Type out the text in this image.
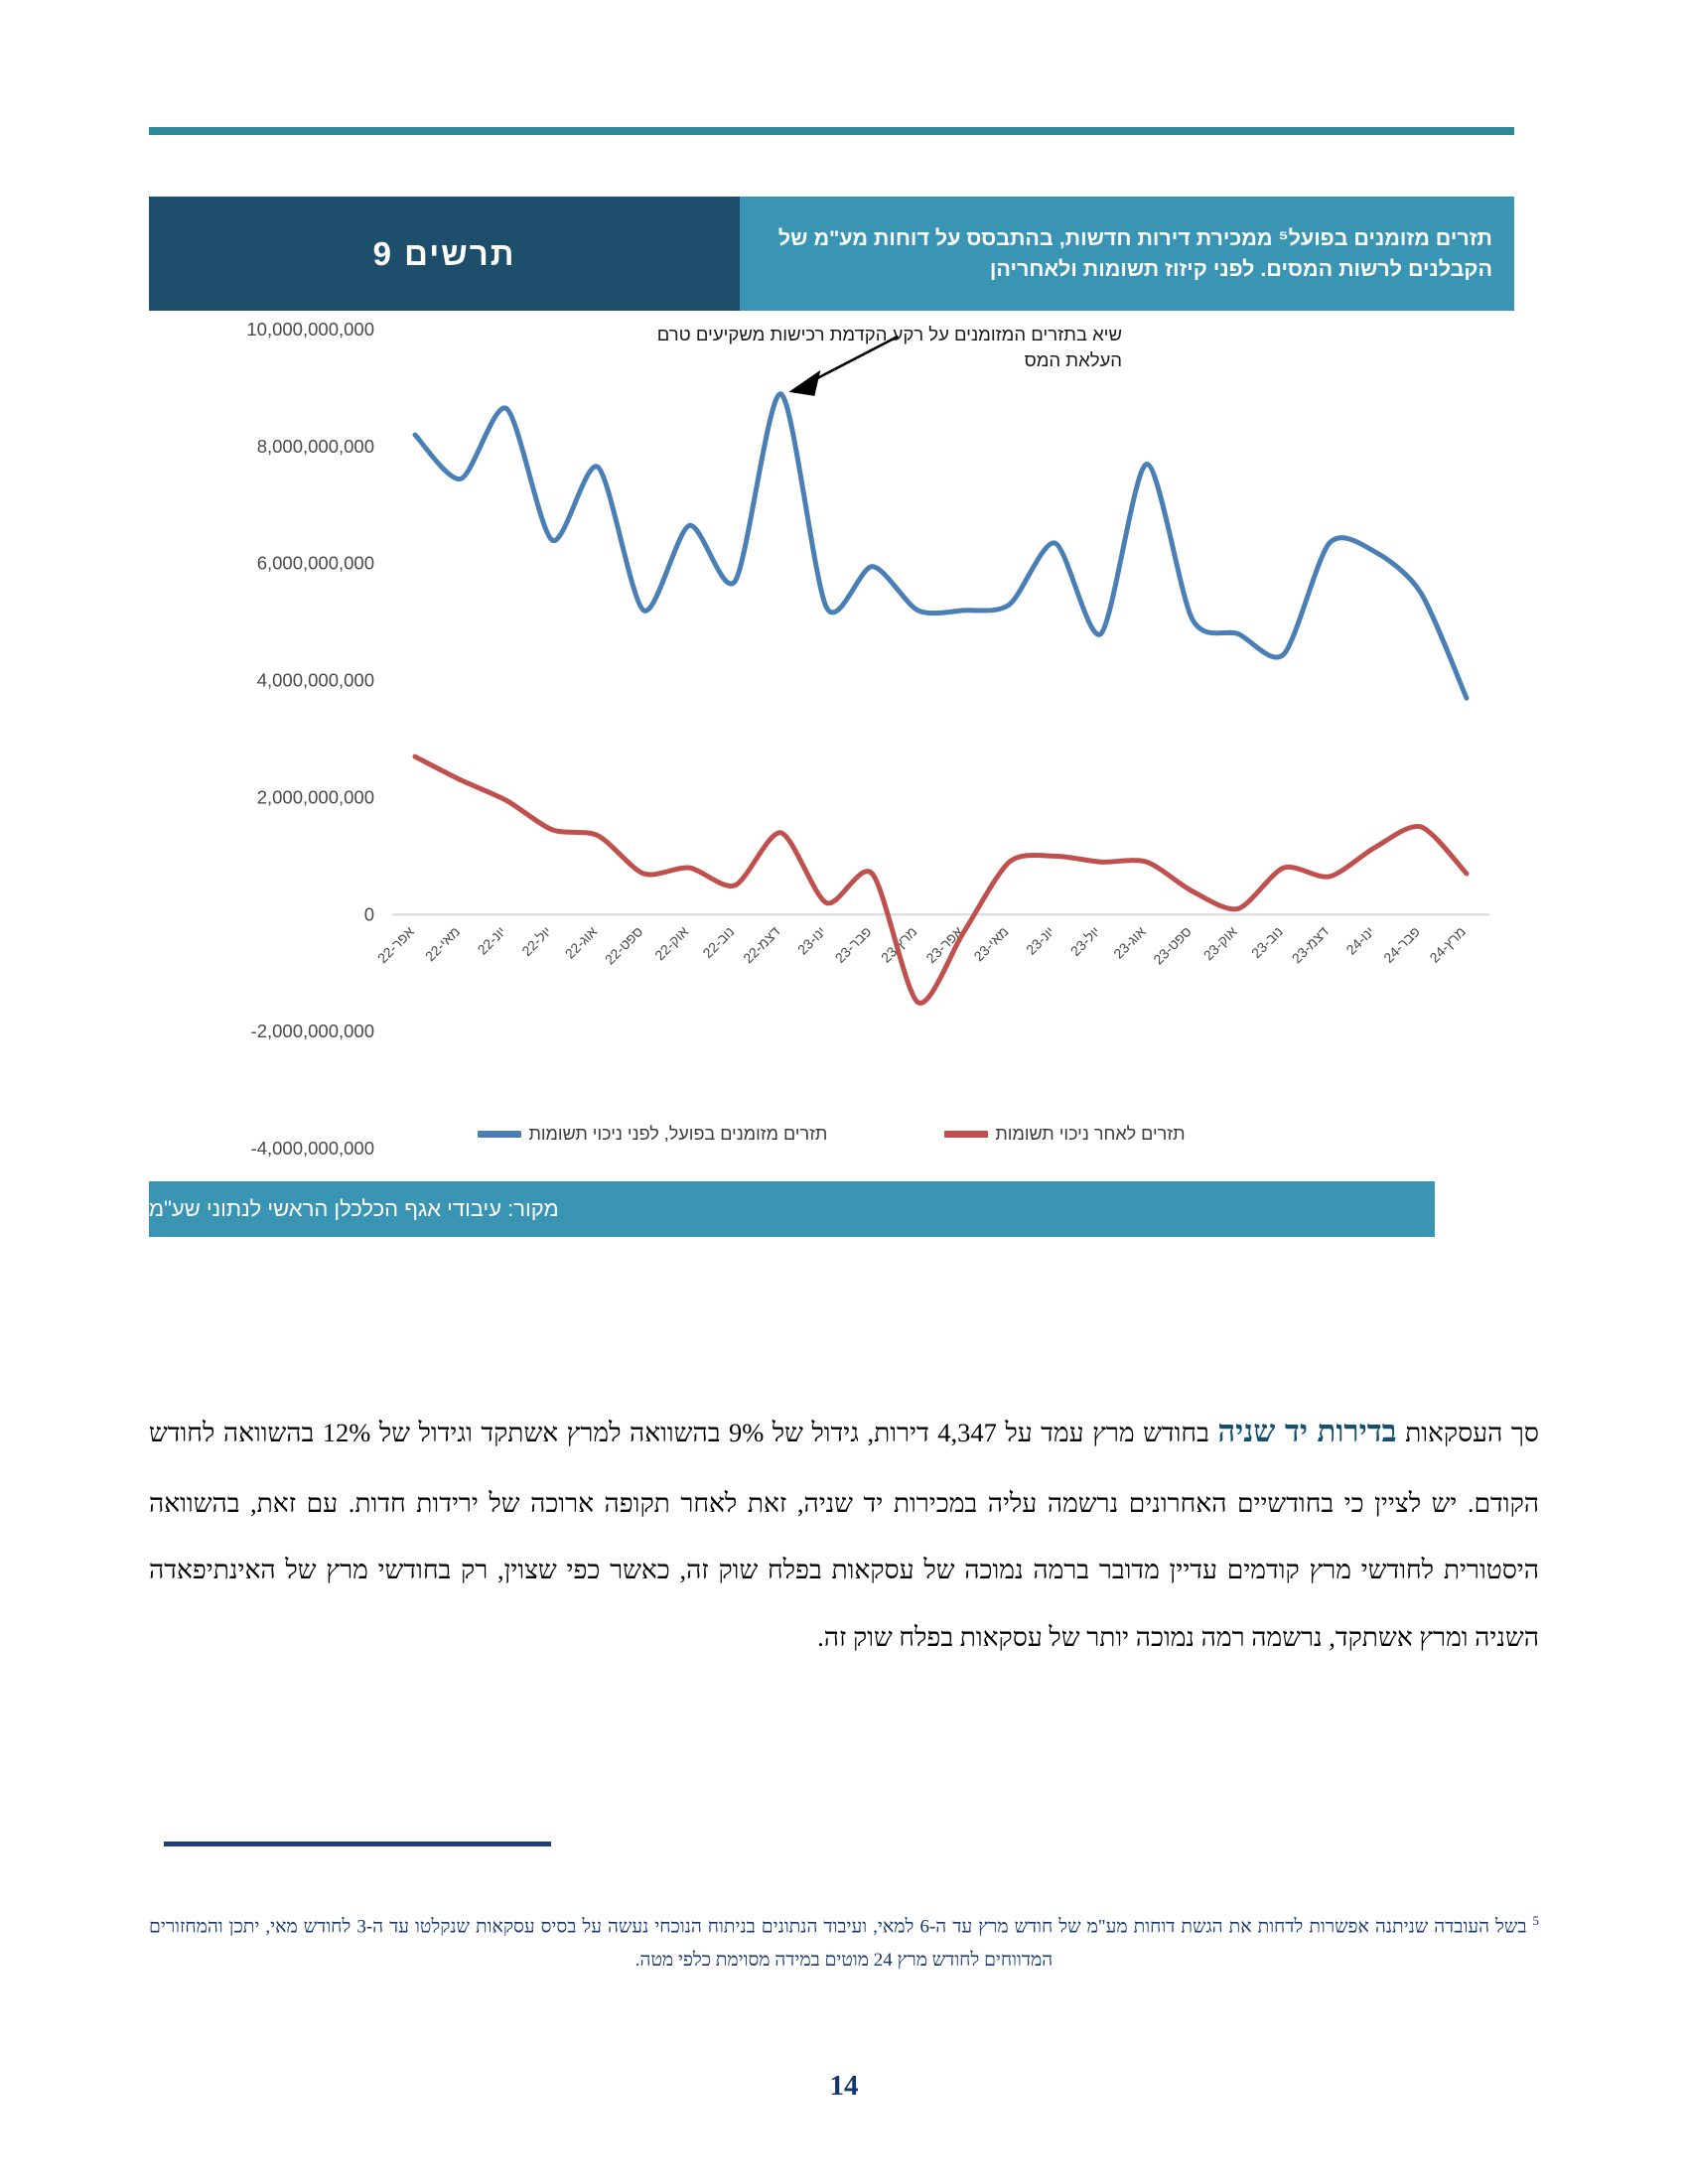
תרשים 9	תזרים מזומנים בפועל⁵ ממכירת דירות חדשות, בהתבסס על דוחות מע"מ של הקבלנים לרשות המסים. לפני קיזוז תשומות ולאחריהן
שיא בתזרים המזומנים על רקע הקדמת רכישות משקיעים טרם העלאת המס
10,000,000,000
8,000,000,000
6,000,000,000
4,000,000,000
2,000,000,000
0
-2,000,000,000
-4,000,000,000
אפר-22 מאי-22 יונ-22
יול-22
אוג-22
ספט-22 אוק-22 נוב-22
דצמ-22 ינו-23
פבר-23 מרץ-23
אפר-23 מאי-23 יונ-23
יול-23
אוג-23
ספט-23 אוק-23 נוב-23
דצמ-23 ינו-24
פבר-24 מרץ-24
תזרים מזומנים בפועל, לפני ניכוי תשומות	תזרים לאחר ניכוי תשומות
מקור: עיבודי אגף הכלכלן הראשי לנתוני שע"מ

סך העסקאות בדירות יד שניה בחודש מרץ עמד על 4,347 דירות, גידול של 9% בהשוואה למרץ אשתקד וגידול של 12% בהשוואה לחודש הקודם. יש לציין כי בחודשיים האחרונים נרשמה עליה במכירות יד שניה, זאת לאחר תקופה ארוכה של ירידות חדות. עם זאת, בהשוואה היסטורית לחודשי מרץ קודמים עדיין מדובר ברמה נמוכה של עסקאות בפלח שוק זה, כאשר כפי שצוין, רק בחודשי מרץ של האינתיפאדה השניה ומרץ אשתקד, נרשמה רמה נמוכה יותר של עסקאות בפלח שוק זה.

$^5$ בשל העובדה שניתנה אפשרות לדחות את הגשת דוחות מע"מ של חודש מרץ עד ה-6 למאי, ועיבוד הנתונים בניתוח הנוכחי נעשה על בסיס עסקאות שנקלטו עד ה-3 לחודש מאי, יתכן והמחזורים המדווחים לחודש מרץ 24 מוטים במידה מסוימת כלפי מטה.

14
